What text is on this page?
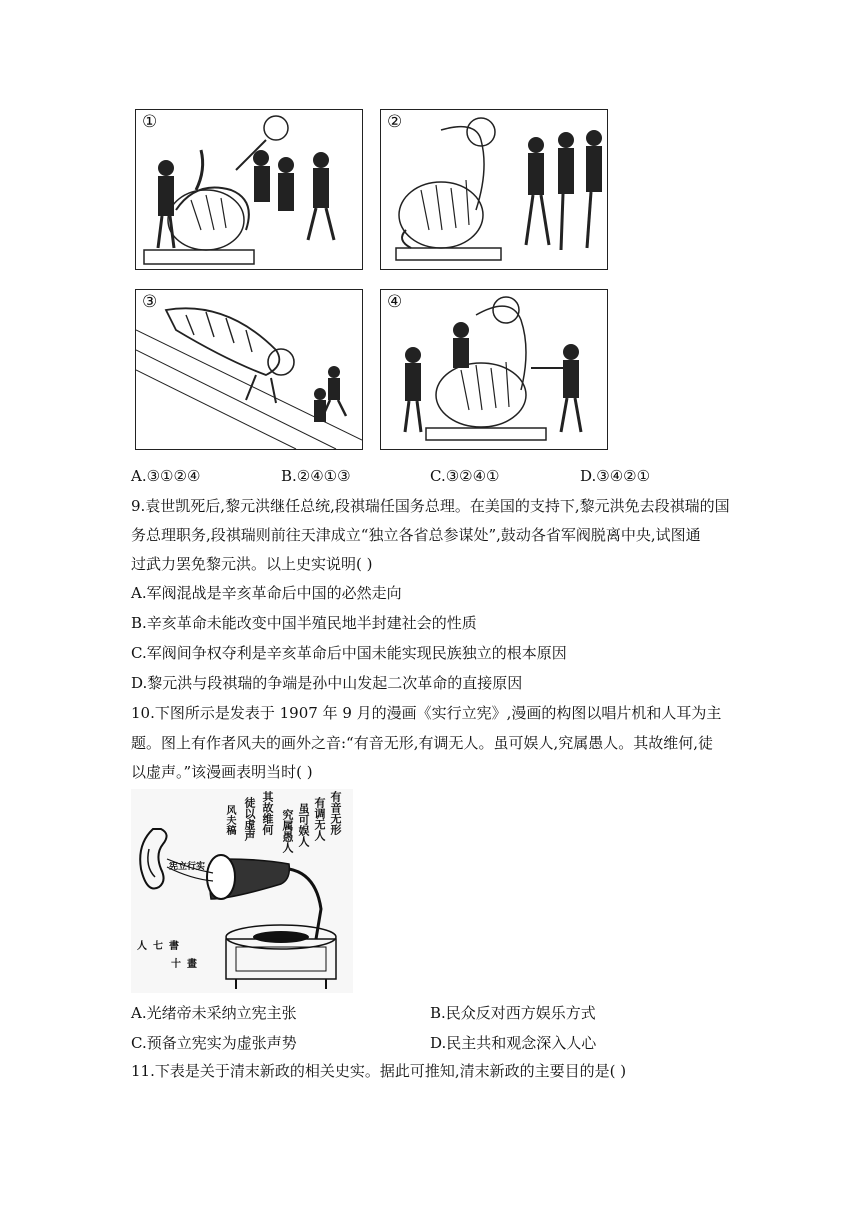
①	②
③	④
A.③①②④	B.②④①③	C.③②④①	D.③④②①
9.袁世凯死后,黎元洪继任总统,段祺瑞任国务总理。在美国的支持下,黎元洪免去段祺瑞的国
务总理职务,段祺瑞则前往天津成立“独立各省总参谋处”,鼓动各省军阀脱离中央,试图通
过武力罢免黎元洪。以上史实说明( )
A.军阀混战是辛亥革命后中国的必然走向
B.辛亥革命未能改变中国半殖民地半封建社会的性质
C.军阀间争权夺利是辛亥革命后中国未能实现民族独立的根本原因
D.黎元洪与段祺瑞的争端是孙中山发起二次革命的直接原因
10.下图所示是发表于 1907 年 9 月的漫画《实行立宪》,漫画的构图以唱片机和人耳为主
题。图上有作者风夫的画外之音:“有音无形,有调无人。虽可娱人,究属愚人。其故维何,徒
以虚声。”该漫画表明当时( )
有音无形
有调无人
虽可娱人
究属愚人
其故维何
徒以虚声
风夫稿
宪立行实
人七書
十畫
A.光绪帝未采纳立宪主张	B.民众反对西方娱乐方式
C.预备立宪实为虚张声势	D.民主共和观念深入人心
11.下表是关于清末新政的相关史实。据此可推知,清末新政的主要目的是( )
